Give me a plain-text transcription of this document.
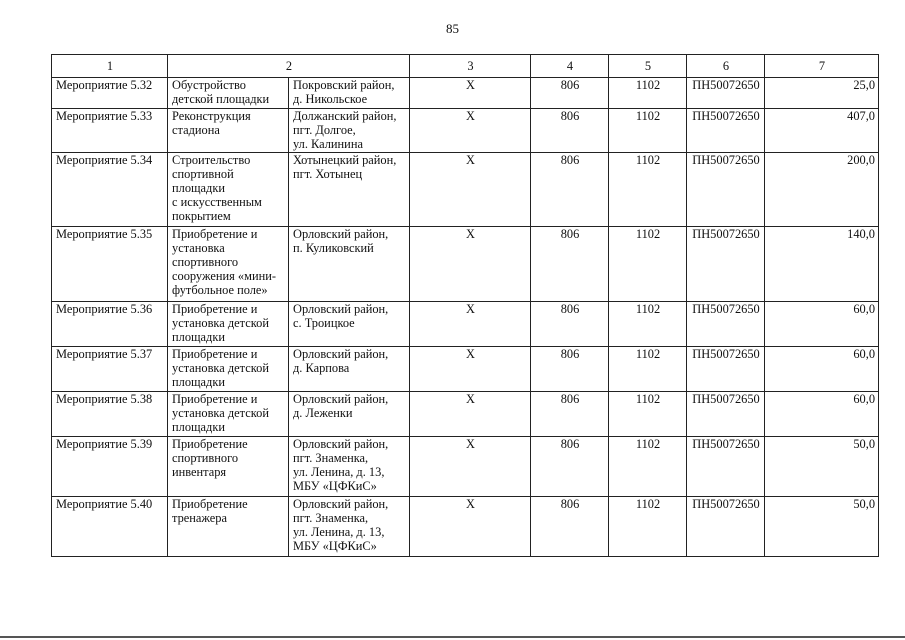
85
1	2		3	4	5	6	7
Мероприятие 5.32	Обустройство
детской площадки	Покровский район,
д. Никольское	Х	806	1102	ПН50072650	25,0
Мероприятие 5.33	Реконструкция
стадиона	Должанский район,
пгт. Долгое,
ул. Калинина	Х	806	1102	ПН50072650	407,0
Мероприятие 5.34	Строительство
спортивной
площадки
с искусственным
покрытием	Хотынецкий район,
пгт. Хотынец	Х	806	1102	ПН50072650	200,0
Мероприятие 5.35	Приобретение и
установка
спортивного
сооружения «мини-
футбольное поле»	Орловский район,
п. Куликовский	Х	806	1102	ПН50072650	140,0
Мероприятие 5.36	Приобретение и
установка детской
площадки	Орловский район,
с. Троицкое	Х	806	1102	ПН50072650	60,0
Мероприятие 5.37	Приобретение и
установка детской
площадки	Орловский район,
д. Карпова	Х	806	1102	ПН50072650	60,0
Мероприятие 5.38	Приобретение и
установка детской
площадки	Орловский район,
д. Леженки	Х	806	1102	ПН50072650	60,0
Мероприятие 5.39	Приобретение
спортивного
инвентаря	Орловский район,
пгт. Знаменка,
ул. Ленина, д. 13,
МБУ «ЦФКиС»	Х	806	1102	ПН50072650	50,0
Мероприятие 5.40	Приобретение
тренажера	Орловский район,
пгт. Знаменка,
ул. Ленина, д. 13,
МБУ «ЦФКиС»	Х	806	1102	ПН50072650	50,0
